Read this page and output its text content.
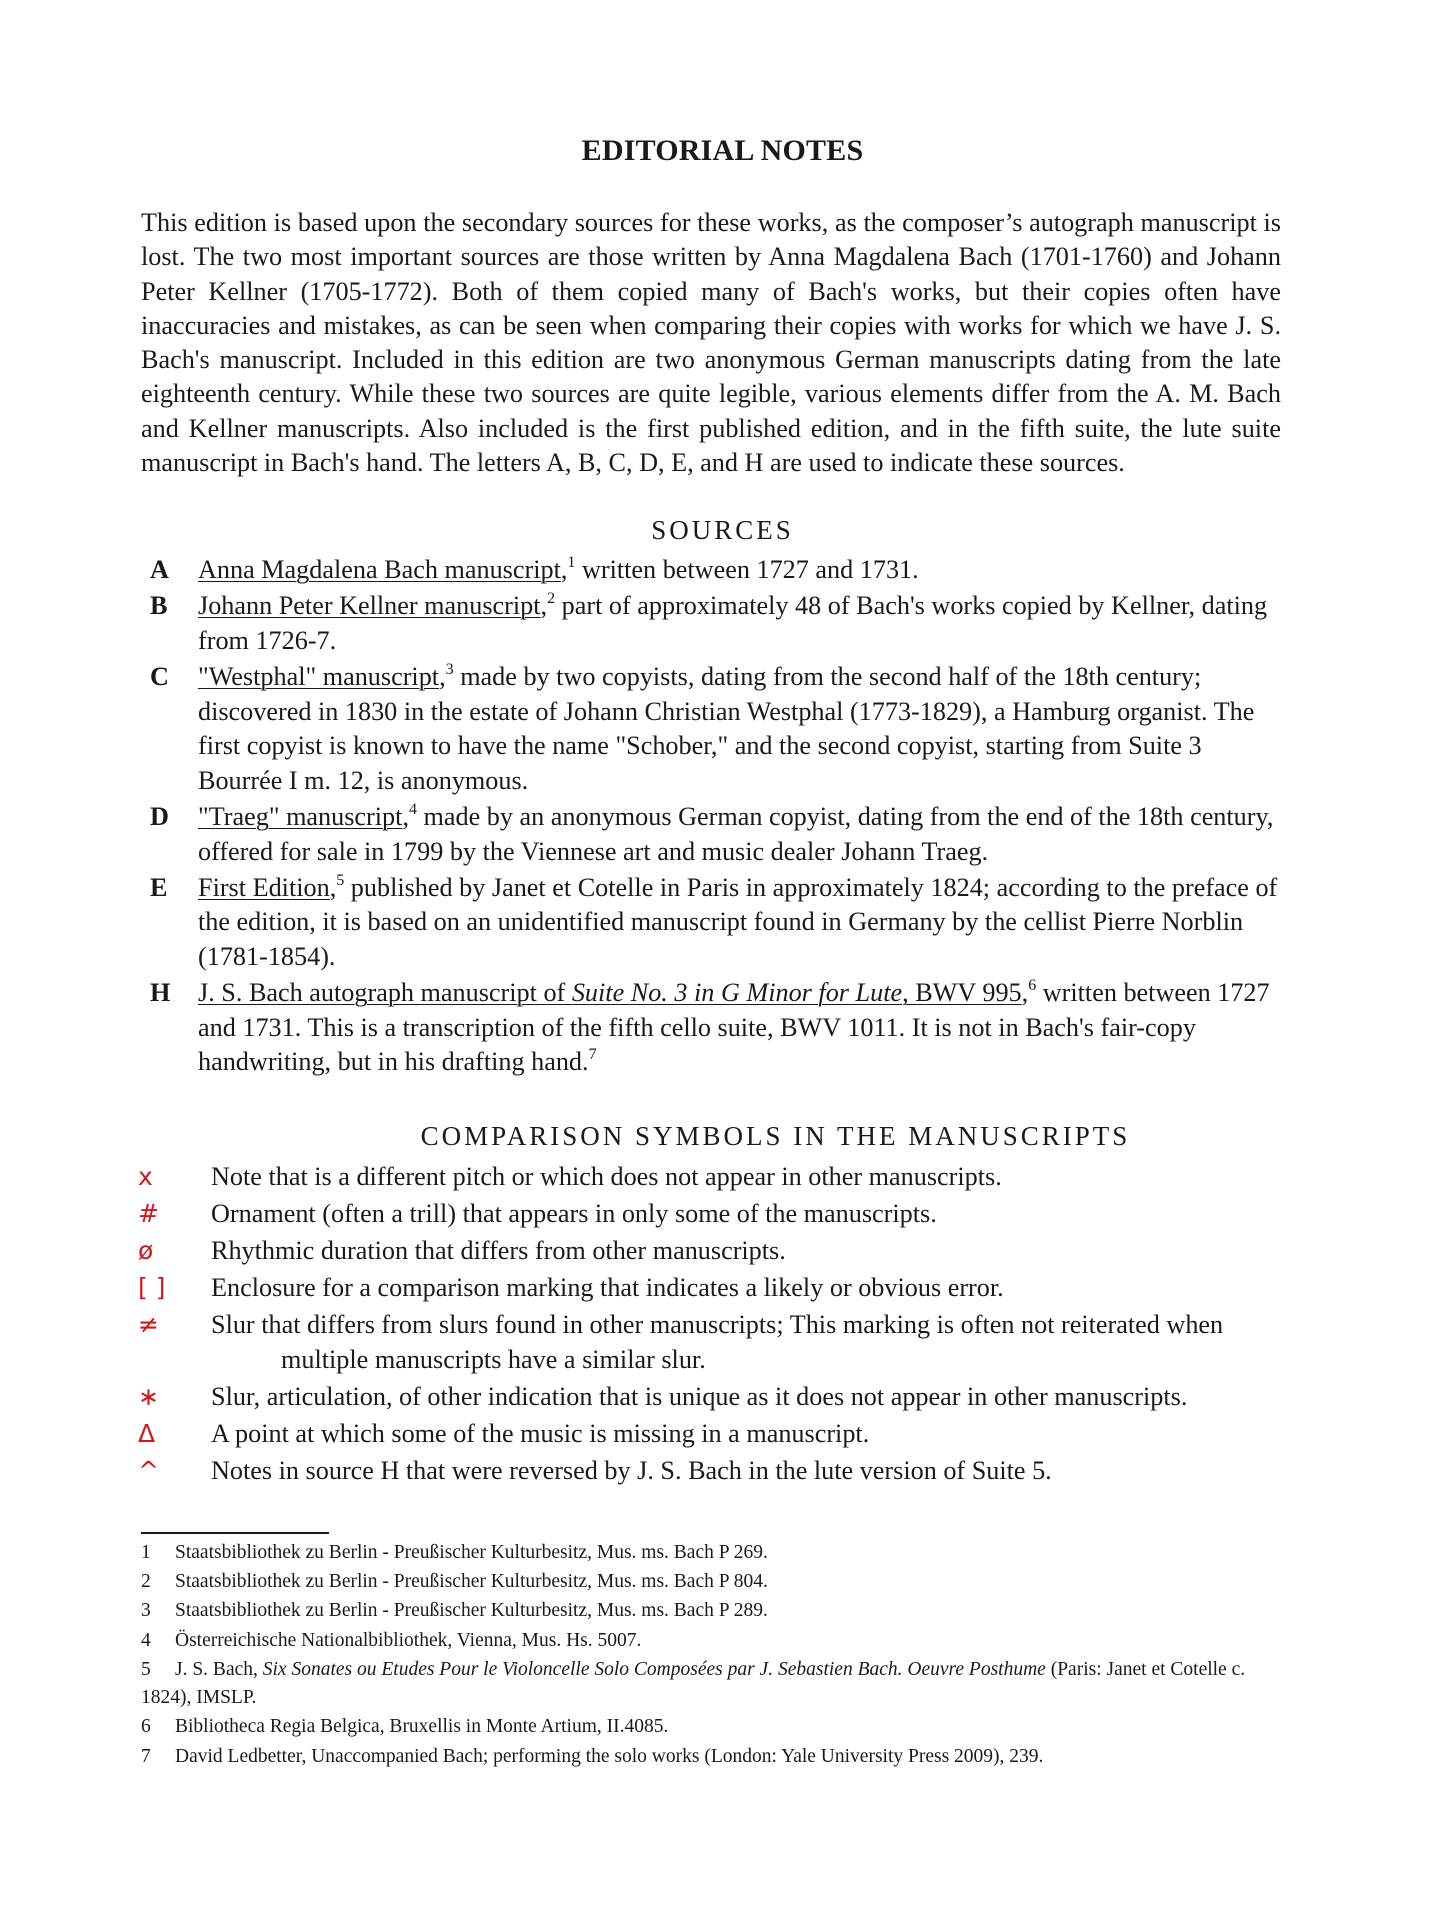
EDITORIAL NOTES
This edition is based upon the secondary sources for these works, as the composer’s autograph manuscript is lost. The two most important sources are those written by Anna Magdalena Bach (1701-1760) and Johann Peter Kellner (1705-1772). Both of them copied many of Bach's works, but their copies often have inaccuracies and mistakes, as can be seen when comparing their copies with works for which we have J. S. Bach's manuscript. Included in this edition are two anonymous German manuscripts dating from the late eighteenth century. While these two sources are quite legible, various elements differ from the A. M. Bach and Kellner manuscripts. Also included is the first published edition, and in the fifth suite, the lute suite manuscript in Bach's hand. The letters A, B, C, D, E, and H are used to indicate these sources.
SOURCES
A	Anna Magdalena Bach manuscript,$^1$ written between 1727 and 1731.
B	Johann Peter Kellner manuscript,$^2$ part of approximately 48 of Bach's works copied by Kellner, dating from 1726-7.
C	"Westphal" manuscript,$^3$ made by two copyists, dating from the second half of the 18th century; discovered in 1830 in the estate of Johann Christian Westphal (1773-1829), a Hamburg organist. The first copyist is known to have the name "Schober," and the second copyist, starting from Suite 3 Bourrée I m. 12, is anonymous.
D	"Traeg" manuscript,$^4$ made by an anonymous German copyist, dating from the end of the 18th century, offered for sale in 1799 by the Viennese art and music dealer Johann Traeg.
E	First Edition,$^5$ published by Janet et Cotelle in Paris in approximately 1824; according to the preface of the edition, it is based on an unidentified manuscript found in Germany by the cellist Pierre Norblin (1781-1854).
H	J. S. Bach autograph manuscript of Suite No. 3 in G Minor for Lute, BWV 995,$^6$ written between 1727 and 1731. This is a transcription of the fifth cello suite, BWV 1011. It is not in Bach's fair-copy handwriting, but in his drafting hand.$^7$
COMPARISON SYMBOLS IN THE MANUSCRIPTS
x	Note that is a different pitch or which does not appear in other manuscripts.
#	Ornament (often a trill) that appears in only some of the manuscripts.
ø	Rhythmic duration that differs from other manuscripts.
[ ]	Enclosure for a comparison marking that indicates a likely or obvious error.
≠	Slur that differs from slurs found in other manuscripts; This marking is often not reiterated when
multiple manuscripts have a similar slur.
∗	Slur, articulation, of other indication that is unique as it does not appear in other manuscripts.
Δ	A point at which some of the music is missing in a manuscript.
^	Notes in source H that were reversed by J. S. Bach in the lute version of Suite 5.
1 Staatsbibliothek zu Berlin - Preußischer Kulturbesitz, Mus. ms. Bach P 269.
2 Staatsbibliothek zu Berlin - Preußischer Kulturbesitz, Mus. ms. Bach P 804.
3 Staatsbibliothek zu Berlin - Preußischer Kulturbesitz, Mus. ms. Bach P 289.
4 Österreichische Nationalbibliothek, Vienna, Mus. Hs. 5007.
5 J. S. Bach, Six Sonates ou Etudes Pour le Violoncelle Solo Composées par J. Sebastien Bach. Oeuvre Posthume (Paris: Janet et Cotelle c. 1824), IMSLP.
6 Bibliotheca Regia Belgica, Bruxellis in Monte Artium, II.4085.
7 David Ledbetter, Unaccompanied Bach; performing the solo works (London: Yale University Press 2009), 239.
